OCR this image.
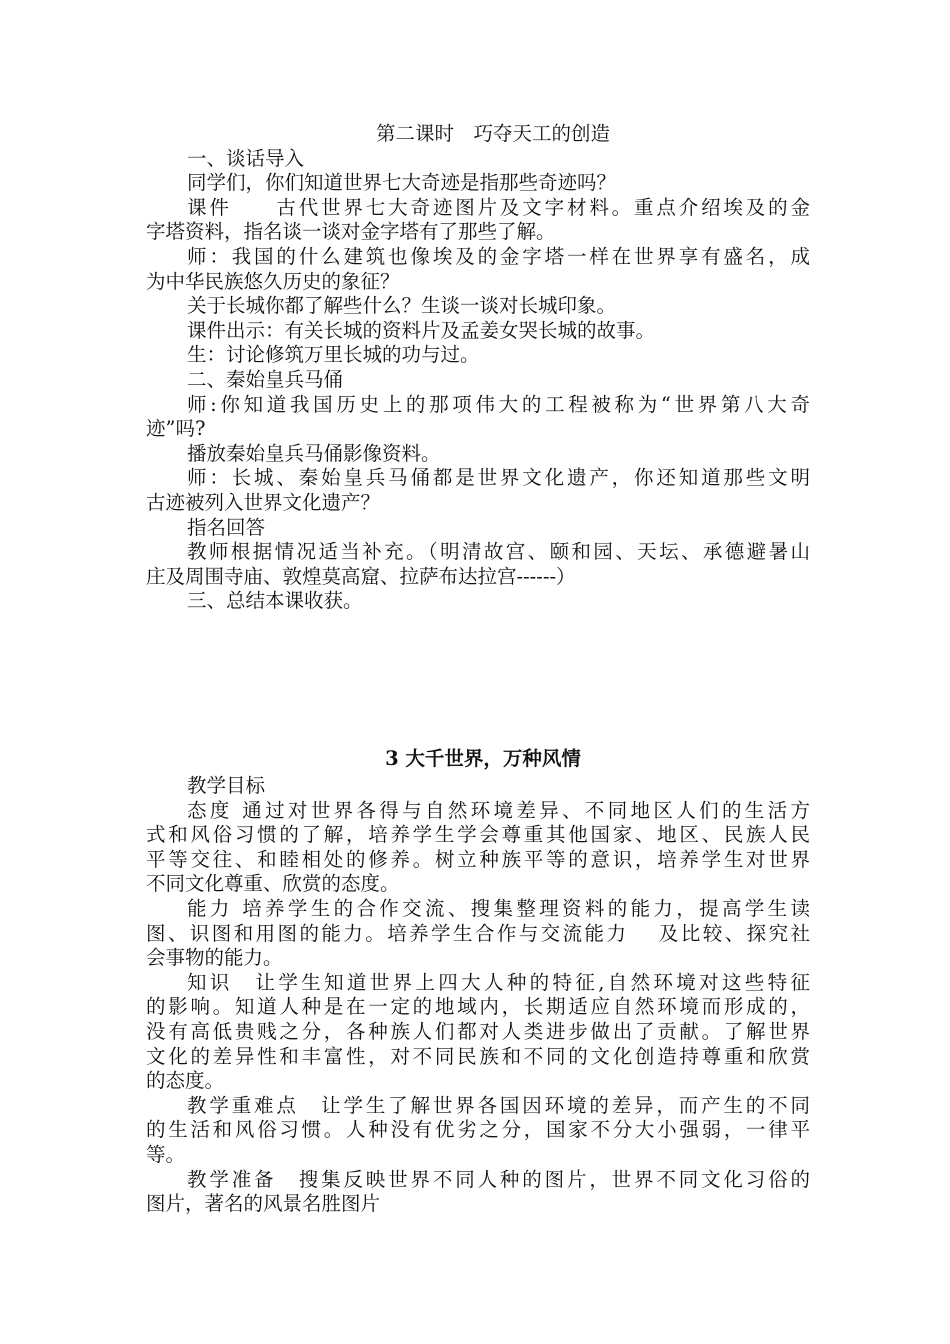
第二课时　巧夺天工的创造
一、谈话导入
同学们，你们知道世界七大奇迹是指那些奇迹吗？
课件　　古代世界七大奇迹图片及文字材料。重点介绍埃及的金
字塔资料，指名谈一谈对金字塔有了那些了解。
师：我国的什么建筑也像埃及的金字塔一样在世界享有盛名，成
为中华民族悠久历史的象征？
关于长城你都了解些什么？生谈一谈对长城印象。
课件出示：有关长城的资料片及孟姜女哭长城的故事。
生：讨论修筑万里长城的功与过。
二、秦始皇兵马俑
师:你知道我国历史上的那项伟大的工程被称为“世界第八大奇
迹”吗?
播放秦始皇兵马俑影像资料。
师：长城、秦始皇兵马俑都是世界文化遗产，你还知道那些文明
古迹被列入世界文化遗产？
指名回答
教师根据情况适当补充。（明清故宫、颐和园、天坛、承德避暑山
庄及周围寺庙、敦煌莫高窟、拉萨布达拉宫------）
三、总结本课收获。
3 大千世界，万种风情
教学目标
态度 通过对世界各得与自然环境差异、不同地区人们的生活方
式和风俗习惯的了解，培养学生学会尊重其他国家、地区、民族人民
平等交往、和睦相处的修养。树立种族平等的意识，培养学生对世界
不同文化尊重、欣赏的态度。
能力 培养学生的合作交流、搜集整理资料的能力，提高学生读
图、识图和用图的能力。培养学生合作与交流能力　 及比较、探究社
会事物的能力。
知识　让学生知道世界上四大人种的特征,自然环境对这些特征
的影响。知道人种是在一定的地域内，长期适应自然环境而形成的，
没有高低贵贱之分，各种族人们都对人类进步做出了贡献。了解世界
文化的差异性和丰富性，对不同民族和不同的文化创造持尊重和欣赏
的态度。
教学重难点　让学生了解世界各国因环境的差异，而产生的不同
的生活和风俗习惯。人种没有优劣之分，国家不分大小强弱，一律平
等。
教学准备　搜集反映世界不同人种的图片，世界不同文化习俗的
图片，著名的风景名胜图片
